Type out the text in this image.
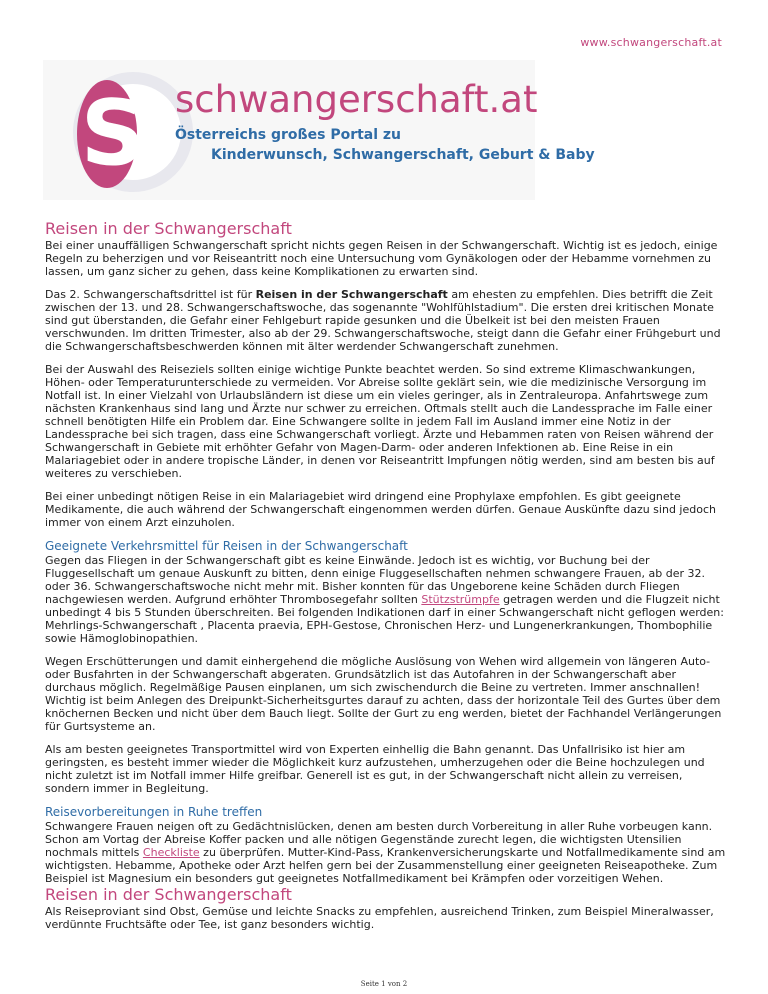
www.schwangerschaft.at
S schwangerschaft.at
Österreichs großes Portal zu
Kinderwunsch, Schwangerschaft, Geburt & Baby
Reisen in der Schwangerschaft

Bei einer unauffälligen Schwangerschaft spricht nichts gegen Reisen in der Schwangerschaft. Wichtig ist es jedoch, einige Regeln zu beherzigen und vor Reiseantritt noch eine Untersuchung vom Gynäkologen oder der Hebamme vornehmen zu lassen, um ganz sicher zu gehen, dass keine Komplikationen zu erwarten sind.

Das 2. Schwangerschaftsdrittel ist für Reisen in der Schwangerschaft am ehesten zu empfehlen. Dies betrifft die Zeit zwischen der 13. und 28. Schwangerschaftswoche, das sogenannte "Wohlfühlstadium". Die ersten drei kritischen Monate sind gut überstanden, die Gefahr einer Fehlgeburt rapide gesunken und die Übelkeit ist bei den meisten Frauen verschwunden. Im dritten Trimester, also ab der 29. Schwangerschaftswoche, steigt dann die Gefahr einer Frühgeburt und die Schwangerschaftsbeschwerden können mit älter werdender Schwangerschaft zunehmen.

Bei der Auswahl des Reiseziels sollten einige wichtige Punkte beachtet werden. So sind extreme Klimaschwankungen, Höhen- oder Temperaturunterschiede zu vermeiden. Vor Abreise sollte geklärt sein, wie die medizinische Versorgung im Notfall ist. In einer Vielzahl von Urlaubsländern ist diese um ein vieles geringer, als in Zentraleuropa. Anfahrtswege zum nächsten Krankenhaus sind lang und Ärzte nur schwer zu erreichen. Oftmals stellt auch die Landessprache im Falle einer schnell benötigten Hilfe ein Problem dar. Eine Schwangere sollte in jedem Fall im Ausland immer eine Notiz in der Landessprache bei sich tragen, dass eine Schwangerschaft vorliegt. Ärzte und Hebammen raten von Reisen während der Schwangerschaft in Gebiete mit erhöhter Gefahr von Magen-Darm- oder anderen Infektionen ab. Eine Reise in ein Malariagebiet oder in andere tropische Länder, in denen vor Reiseantritt Impfungen nötig werden, sind am besten bis auf weiteres zu verschieben.

Bei einer unbedingt nötigen Reise in ein Malariagebiet wird dringend eine Prophylaxe empfohlen. Es gibt geeignete Medikamente, die auch während der Schwangerschaft eingenommen werden dürfen. Genaue Auskünfte dazu sind jedoch immer von einem Arzt einzuholen.

Geeignete Verkehrsmittel für Reisen in der Schwangerschaft

Gegen das Fliegen in der Schwangerschaft gibt es keine Einwände. Jedoch ist es wichtig, vor Buchung bei der Fluggesellschaft um genaue Auskunft zu bitten, denn einige Fluggesellschaften nehmen schwangere Frauen, ab der 32. oder 36. Schwangerschaftswoche nicht mehr mit. Bisher konnten für das Ungeborene keine Schäden durch Fliegen nachgewiesen werden. Aufgrund erhöhter Thrombosegefahr sollten Stützstrümpfe getragen werden und die Flugzeit nicht unbedingt 4 bis 5 Stunden überschreiten. Bei folgenden Indikationen darf in einer Schwangerschaft nicht geflogen werden: Mehrlings-Schwangerschaft , Placenta praevia, EPH-Gestose, Chronischen Herz- und Lungenerkrankungen, Thombophilie sowie Hämoglobinopathien.

Wegen Erschütterungen und damit einhergehend die mögliche Auslösung von Wehen wird allgemein von längeren Auto- oder Busfahrten in der Schwangerschaft abgeraten. Grundsätzlich ist das Autofahren in der Schwangerschaft aber durchaus möglich. Regelmäßige Pausen einplanen, um sich zwischendurch die Beine zu vertreten. Immer anschnallen! Wichtig ist beim Anlegen des Dreipunkt-Sicherheitsgurtes darauf zu achten, dass der horizontale Teil des Gurtes über dem knöchernen Becken und nicht über dem Bauch liegt. Sollte der Gurt zu eng werden, bietet der Fachhandel Verlängerungen für Gurtsysteme an.

Als am besten geeignetes Transportmittel wird von Experten einhellig die Bahn genannt. Das Unfallrisiko ist hier am geringsten, es besteht immer wieder die Möglichkeit kurz aufzustehen, umherzugehen oder die Beine hochzulegen und nicht zuletzt ist im Notfall immer Hilfe greifbar. Generell ist es gut, in der Schwangerschaft nicht allein zu verreisen, sondern immer in Begleitung.

Reisevorbereitungen in Ruhe treffen

Schwangere Frauen neigen oft zu Gedächtnislücken, denen am besten durch Vorbereitung in aller Ruhe vorbeugen kann. Schon am Vortag der Abreise Koffer packen und alle nötigen Gegenstände zurecht legen, die wichtigsten Utensilien nochmals mittels Checkliste zu überprüfen. Mutter-Kind-Pass, Krankenversicherungskarte und Notfallmedikamente sind am wichtigsten. Hebamme, Apotheke oder Arzt helfen gern bei der Zusammenstellung einer geeigneten Reiseapotheke. Zum Beispiel ist Magnesium ein besonders gut geeignetes Notfallmedikament bei Krämpfen oder vorzeitigen Wehen.

Reisen in der Schwangerschaft

Als Reiseproviant sind Obst, Gemüse und leichte Snacks zu empfehlen, ausreichend Trinken, zum Beispiel Mineralwasser, verdünnte Fruchtsäfte oder Tee, ist ganz besonders wichtig.

Seite 1 von 2
